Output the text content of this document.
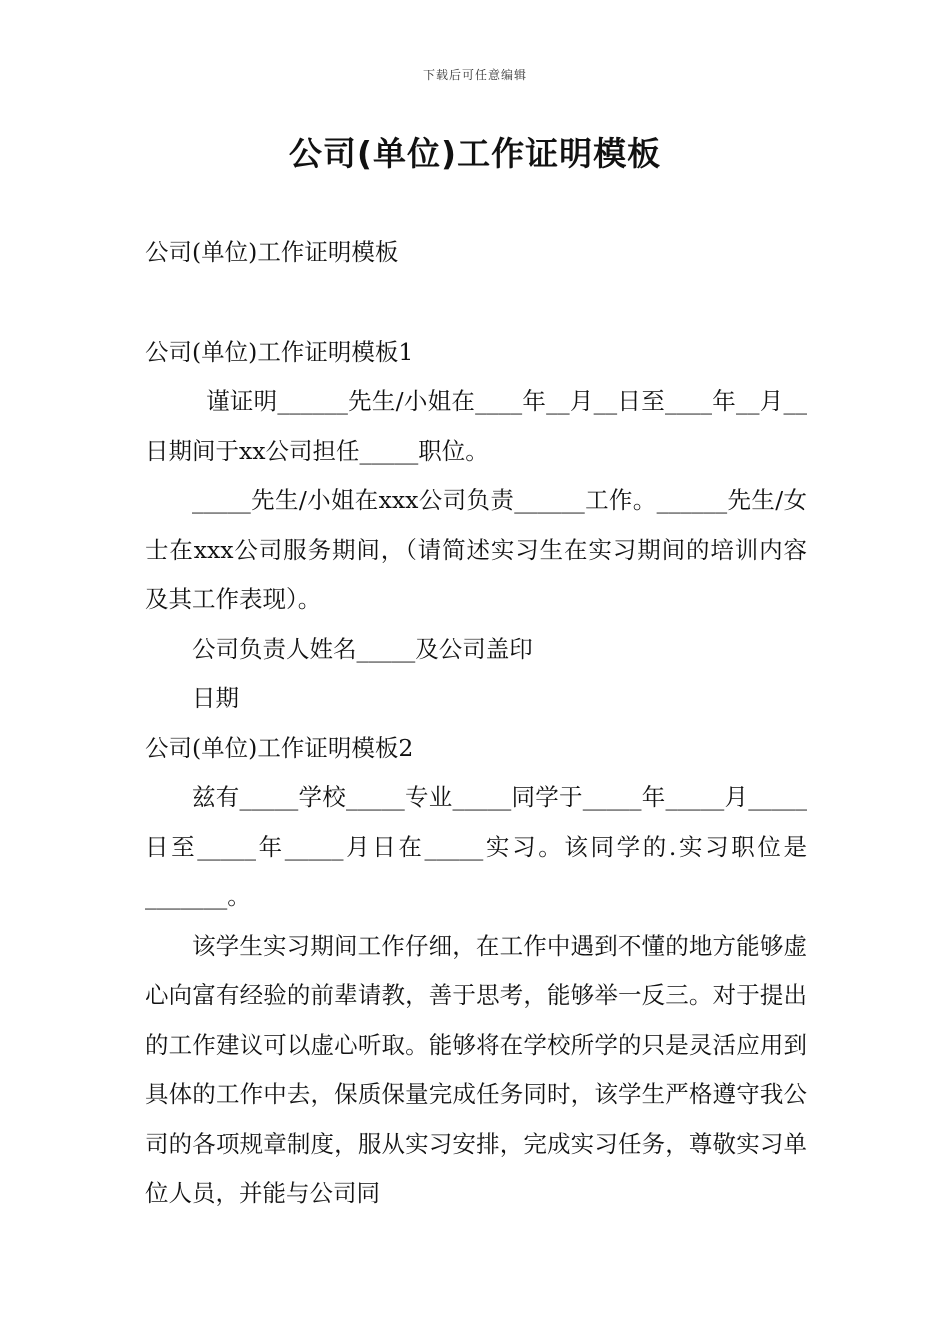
下载后可任意编辑
公司(单位)工作证明模板

公司(单位)工作证明模板

公司(单位)工作证明模板1

谨证明______先生/小姐在____年__月__日至____年__月__日期间于xx公司担任_____职位。

_____先生/小姐在xxx公司负责______工作。______先生/女士在xxx公司服务期间，（请简述实习生在实习期间的培训内容及其工作表现）。

公司负责人姓名_____及公司盖印

日期

公司(单位)工作证明模板2

兹有_____学校_____专业_____同学于_____年_____月_____日至_____年_____月日在_____实习。该同学的.实习职位是_______。

该学生实习期间工作仔细，在工作中遇到不懂的地方能够虚心向富有经验的前辈请教，善于思考，能够举一反三。对于提出的工作建议可以虚心听取。能够将在学校所学的只是灵活应用到具体的工作中去，保质保量完成任务同时，该学生严格遵守我公司的各项规章制度，服从实习安排，完成实习任务，尊敬实习单位人员，并能与公司同
